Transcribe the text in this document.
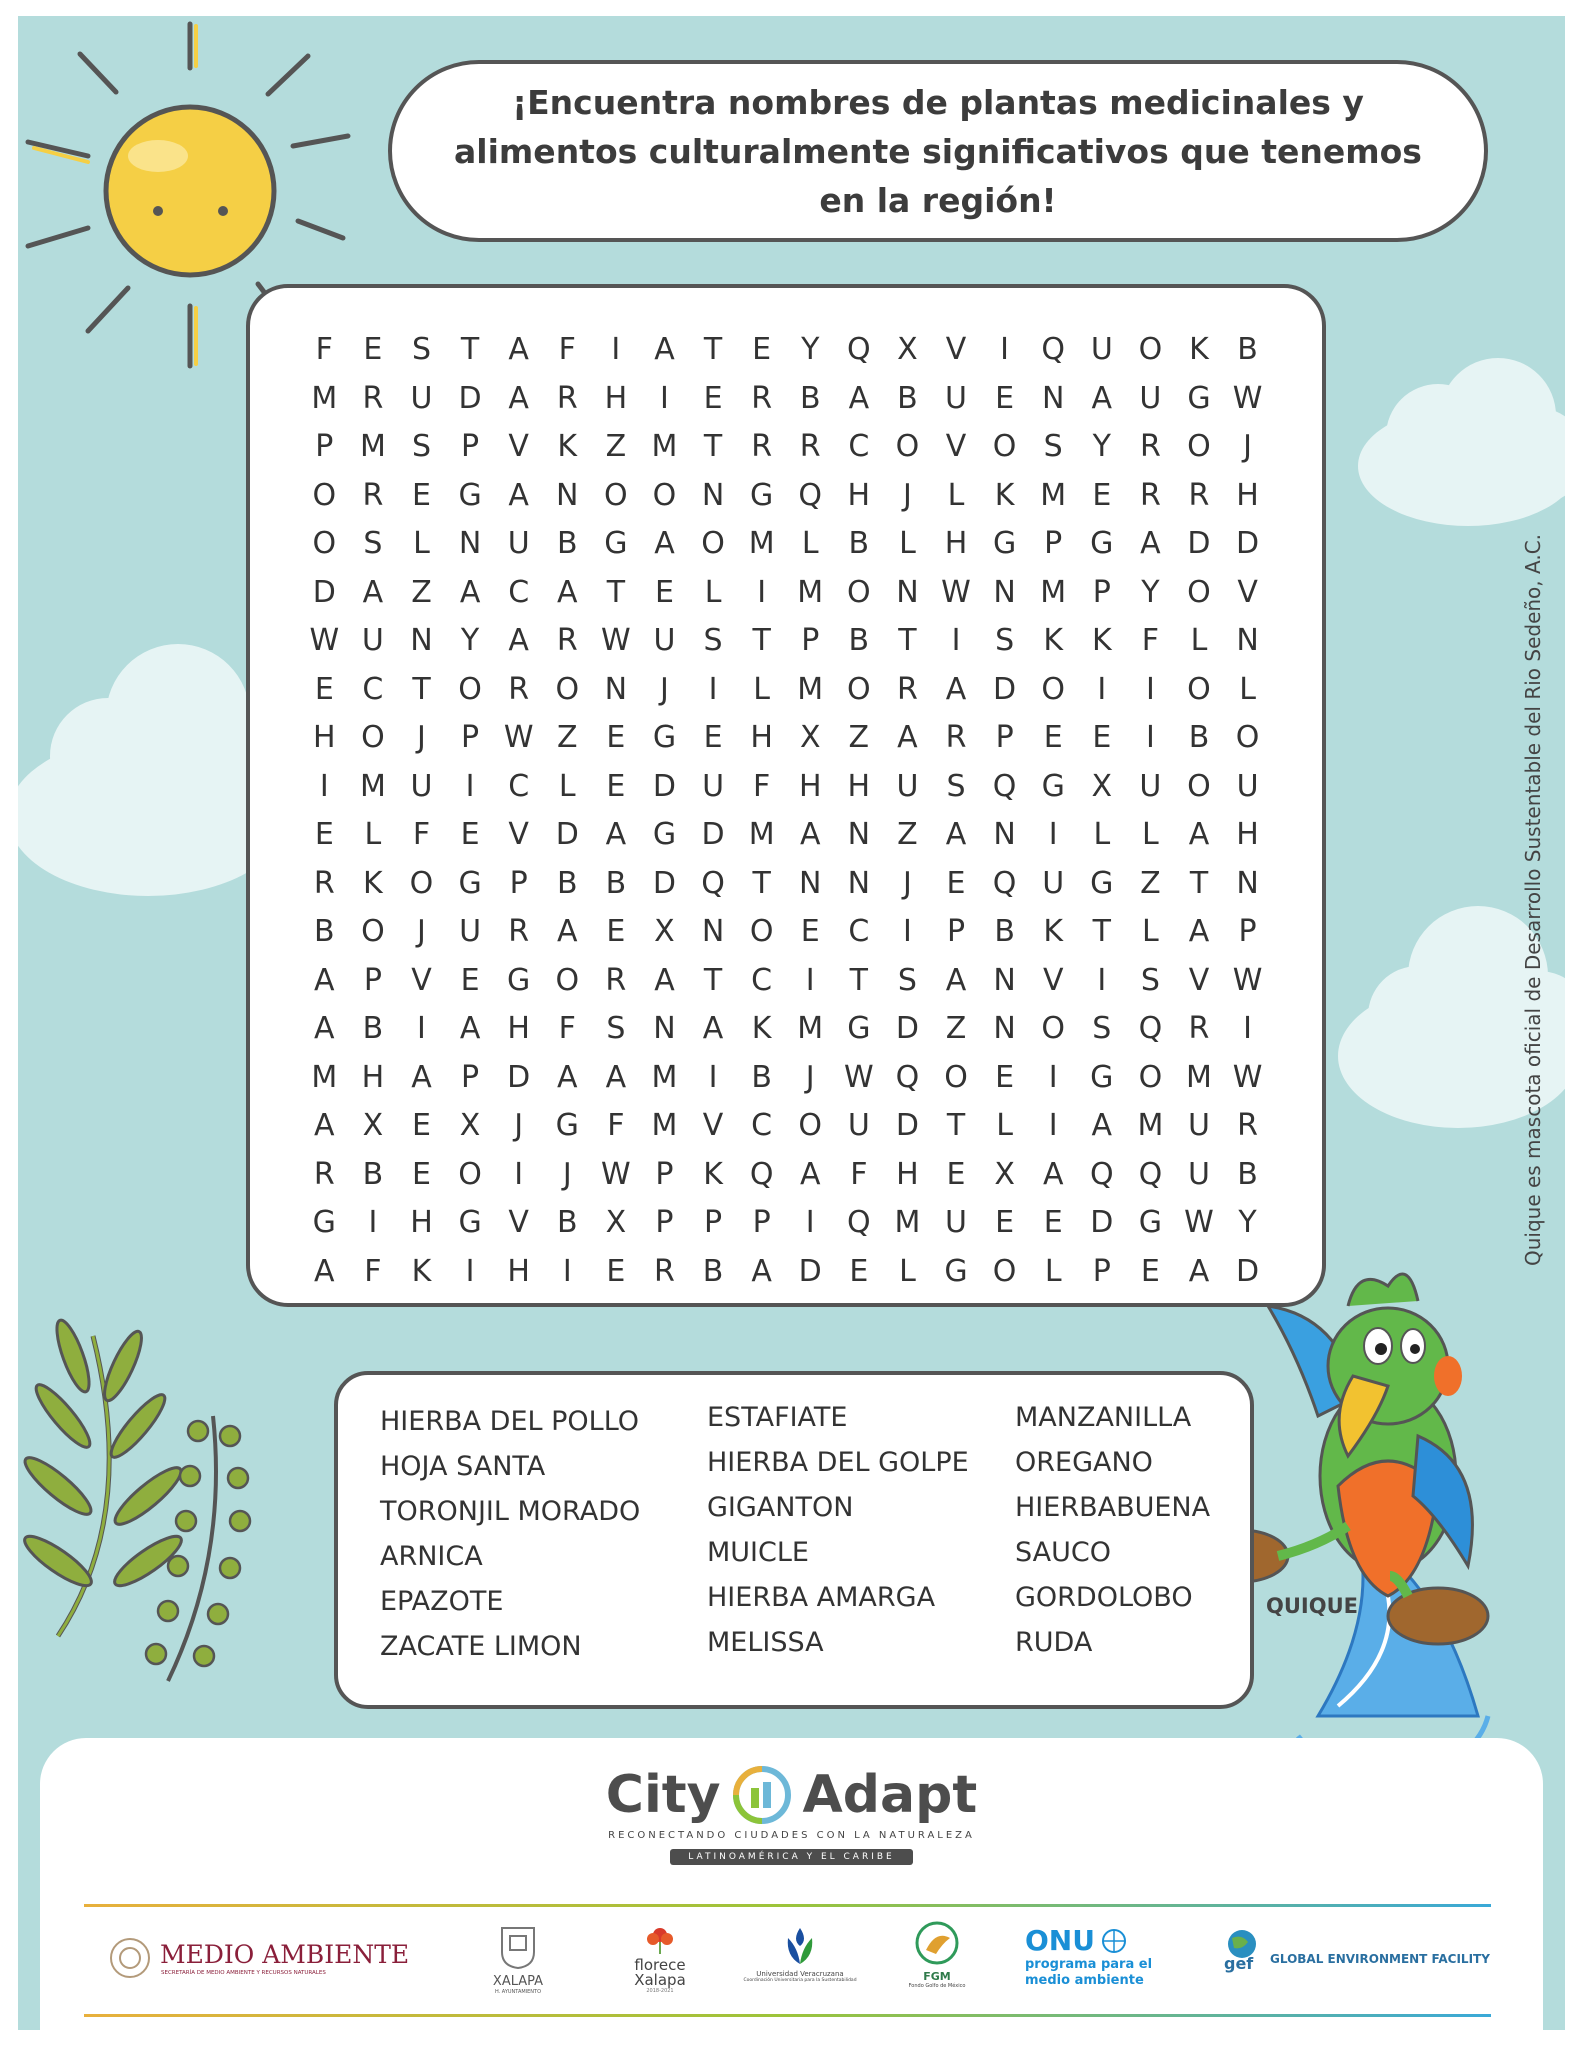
¡Encuentra nombres de plantas medicinales y alimentos culturalmente significativos que tenemos en la región!
F	E S T A F	I	A T E Y Q X V	I	Q U O K B
M R U D A R H	I	E R B A B U E N A U G W
P M S	P V K Z M T R R C O V O S Y R O	J
O R E G A N O O N G Q H	J	L	K M E R R H
O S	L N U B G A O M L B L H G P G A D D
D A Z A C A T E	L	I	M O N W N M P	Y O V
W U N Y A R W U S T	P B T	I	S K K	F	L N
E C T O R O N	J	I	L M O R A D O	I	I	O L
H O	J	P W Z E G E H X Z A R P	E E	I	B O
I	M U	I	C L	E D U F H H U S Q G X U O U
E	L	F	E V D A G D M A N Z A N	I	L	L A H
R K O G P B B D Q T N N	J	E Q U G Z T N
B O	J	U R A E X N O E C	I	P B K T	L A P
A P V E G O R A T C	I	T S A N V	I	S V W
A B	I	A H F	S N A K M G D Z N O S Q R	I
M H A P D A A M	I	B	J W Q O E	I	G O M W
A X E X	J	G F M V C O U D T	L	I	A M U R
R B E O	I	J W P K Q A F H E X A Q Q U B
G	I	H G V B X P	P	P	I	Q M U E E D G W Y
A F	K	I	H	I	E R B A D E	L G O L	P	E A D
HIERBA DEL POLLO
HOJA SANTA
TORONJIL MORADO
ARNICA
EPAZOTE
ZACATE LIMON
ESTAFIATE
HIERBA DEL GOLPE
GIGANTON
MUICLE
HIERBA AMARGA
MELISSA
MANZANILLA
OREGANO
HIERBABUENA
SAUCO
GORDOLOBO
RUDA
Quique es mascota oficial de Desarrollo Sustentable del Rio Sedeño, A.C.
QUIQUE
City Adapt
RECONECTANDO CIUDADES CON LA NATURALEZA
LATINOAMÉRICA Y EL CARIBE
MEDIO AMBIENTE
SECRETARÍA DE MEDIO AMBIENTE Y RECURSOS NATURALES
XALAPA
H. AYUNTAMIENTO
florece
Xalapa
2018-2021
Universidad Veracruzana
Coordinación Universitaria para la Sustentabilidad	FGM
Fondo Golfo de México
ONU
programa para el
medio ambiente
gef GLOBAL ENVIRONMENT FACILITY
